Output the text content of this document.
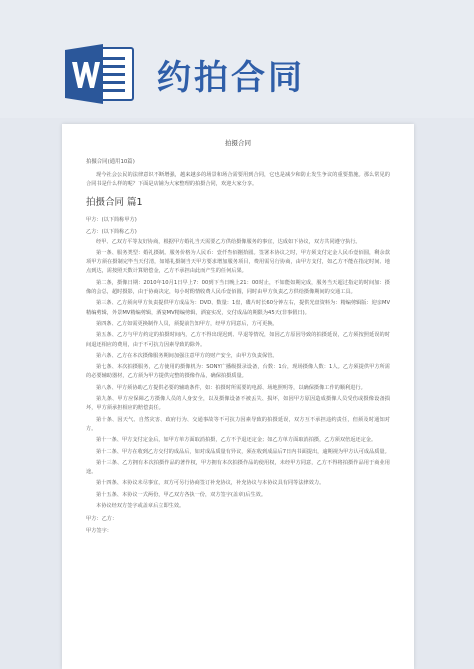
约拍合同
拍摄合同
拍摄合同(通用10篇)

现今社会公民的法律意识不断增强，越来越多的场景和场合需要用到合同，它也是减少和防止发生争议的重要措施。那么常见的合同书是什么样的呢？下面是店铺为大家整理的拍摄合同，欢迎大家分享。

拍摄合同 篇1
甲方：(以下简称甲方)
乙方：(以下简称乙方)

经甲、乙双方平等友好协商，根据甲方婚礼当天需要乙方供给摄像服务的事宜，达成如下协议，双方共同遵守执行。

第一条、服务类型：婚礼摄制。服务价格为人民币：壹仟叁佰捌拾圆。签署本协议之时，甲方须支付定金人民币壹佰圆，剩余款项甲方须在摄制完毕当天付清，如婚礼摄制当天甲方要求增加服务项目，费用需另行协商，由甲方支付，如乙方不能在指定时间、地点到达，需按照天数计算赔偿金，乙方不承担由此而产生的任何后果。

第二条，摄像日期：2010年10月1日早上7：00到下当日晚上21：00时止，不如能如期完成，服务当天超过指定的时间加：摄像的会总，超时摄影，由于协商决定，每小时酌情收费人民币壹佰圆，同时由甲方负责乙方供给摄像期间的交通工具。

第三条、乙方须向甲方负责提供甲方成品为：DVD、数量：1盘，碟片时长60分钟左右，提供光盘资料为：精编剪辑版：迎亲MV精编剪辑，外景MV精编剪辑，酒宴MV精编剪辑，酒宴实况，交付成品的期限为45天(非事假日)。

第四条、乙方如需更换制作人员，须提前告知甲方，经甲方同意后，方可更换。

第五条、乙方与甲方约定的拍摄时间内，乙方不得出现迟到、早退等情况，如因乙方原因导致的拍摄延误，乙方须按照延误的时间退还相应的费用，由于不可抗力因素导致的除外。

第六条、乙方在本次摄像服务期间加强注意甲方的财产安全，由甲方负责保管。

第七条、本次拍摄服务，乙方使用的摄像机为：SONY广播级摄录设备，台数：1台，现场摄像人数：1人。乙方须提供甲方所需的必要辅助器材，乙方须为甲方提供完整的摄像作品，确保拍摄质量。

第八条、甲方须协助乙方提供必要的辅助条件，如：拍摄时所需要的电源、场地照明等，以确保摄像工作的顺利进行。

第九条、甲方应保障乙方摄像人员的人身安全，以及摄像设备不被丢失、损坏，如因甲方原因造成摄像人员受伤或摄像设备损坏，甲方须承担相应的赔偿责任。

第十条、因天气、自然灾害、政府行为、交通事故等不可抗力因素导致的拍摄延误，双方互不承担违约责任，但须及时通知对方。

第十一条、甲方支付定金后，如甲方单方面取消拍摄，乙方不予退还定金；如乙方单方面取消拍摄，乙方须双倍返还定金。

第十二条、甲方在收到乙方交付的成品后，如对成品质量有异议，须在收到成品后7日内书面提出，逾期视为甲方认可成品质量。

第十三条、乙方拥有本次拍摄作品的著作权，甲方拥有本次拍摄作品的使用权，未经甲方同意，乙方不得将拍摄作品用于商业用途。

第十四条、本协议未尽事宜，双方可另行协商签订补充协议，补充协议与本协议具有同等法律效力。

第十五条、本协议一式两份，甲乙双方各执一份，双方签字(盖章)后生效。

本协议经双方签字或盖章后立即生效。

甲方：乙方：
甲方签字：
